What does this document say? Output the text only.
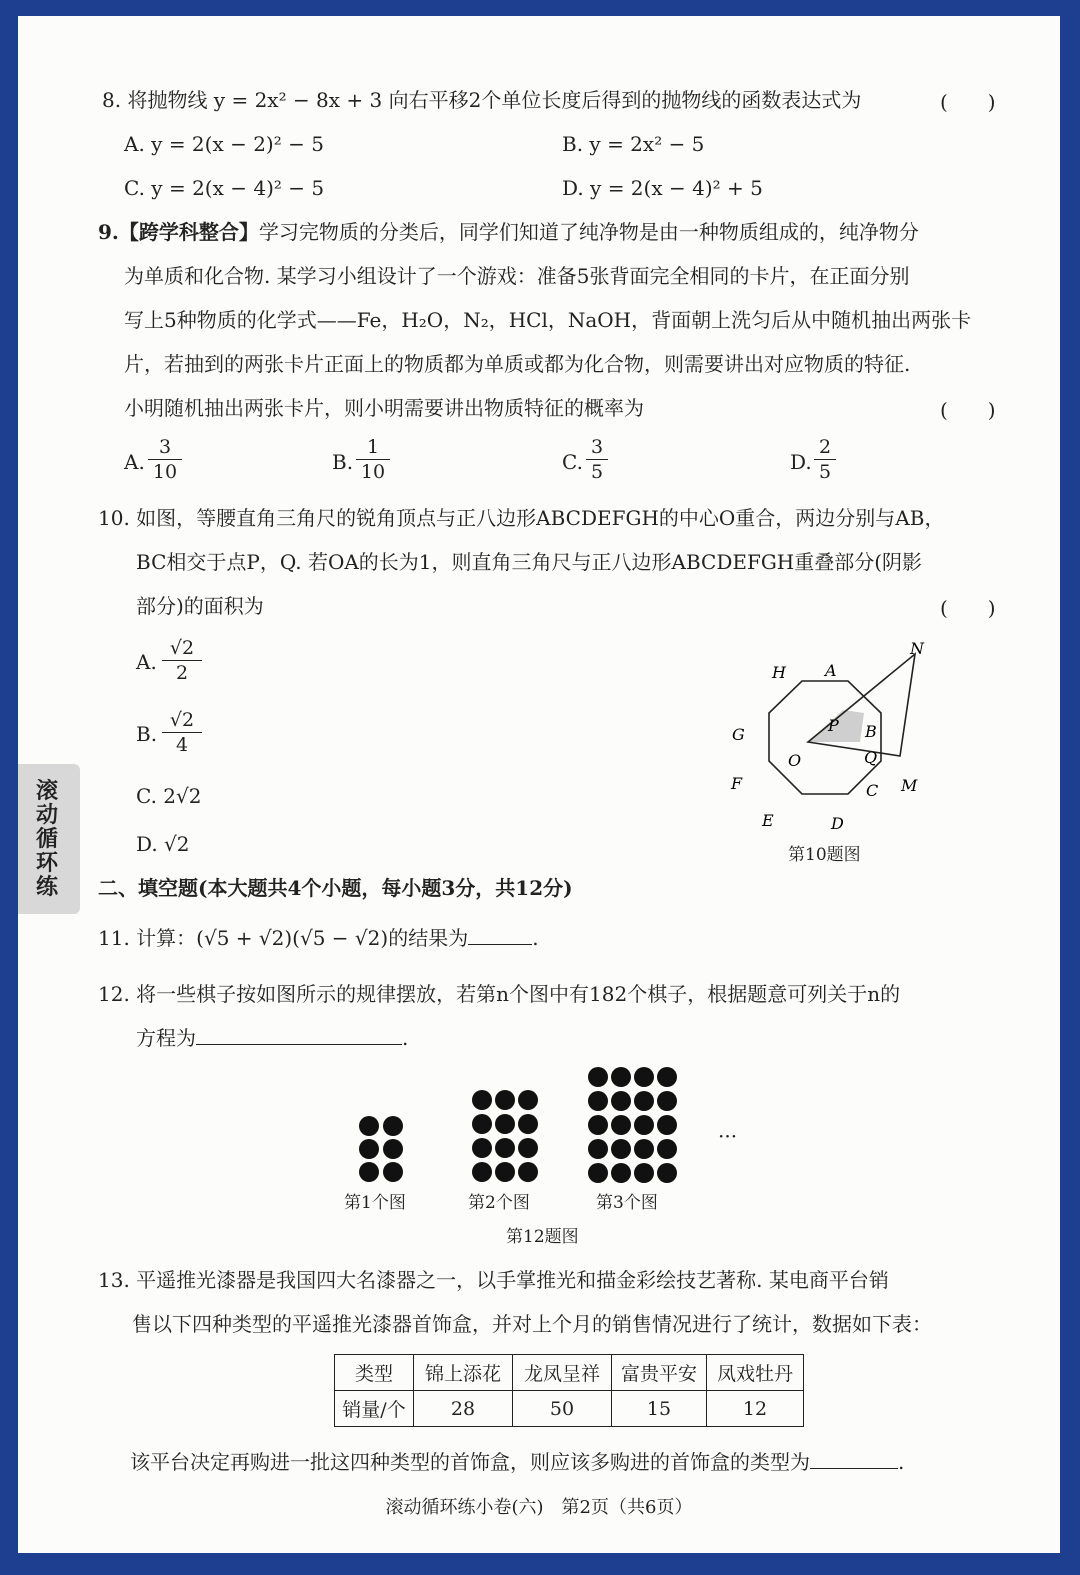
滚动循环练
8. 将抛物线 y = 2x² − 8x + 3 向右平移2个单位长度后得到的抛物线的函数表达式为	(　　)
A. y = 2(x − 2)² − 5	B. y = 2x² − 5
C. y = 2(x − 4)² − 5	D. y = 2(x − 4)² + 5
9.【跨学科整合】学习完物质的分类后，同学们知道了纯净物是由一种物质组成的，纯净物分
为单质和化合物. 某学习小组设计了一个游戏：准备5张背面完全相同的卡片，在正面分别
写上5种物质的化学式——Fe，H₂O，N₂，HCl，NaOH，背面朝上洗匀后从中随机抽出两张卡
片，若抽到的两张卡片正面上的物质都为单质或都为化合物，则需要讲出对应物质的特征.
小明随机抽出两张卡片，则小明需要讲出物质特征的概率为	(　　)
A. $\frac{3}{10}$	B. $\frac{1}{10}$	C. $\frac{3}{5}$	D. $\frac{2}{5}$
10. 如图，等腰直角三角尺的锐角顶点与正八边形ABCDEFGH的中心O重合，两边分别与AB，
BC相交于点P，Q. 若OA的长为1，则直角三角尺与正八边形ABCDEFGH重叠部分(阴影
部分)的面积为	(　　)
A. $\frac{√2}{2}$
B. $\frac{√2}{4}$
C. 2√2
D. √2
H A
N
G	P B
O	Q
F	C M
E	D
第10题图
二、填空题(本大题共4个小题，每小题3分，共12分)
11. 计算：(√5 + √2)(√5 − √2)的结果为	.
12. 将一些棋子按如图所示的规律摆放，若第n个图中有182个棋子，根据题意可列关于n的
方程为	.
···
第1个图	第2个图	第3个图
第12题图
13. 平遥推光漆器是我国四大名漆器之一，以手掌推光和描金彩绘技艺著称. 某电商平台销
售以下四种类型的平遥推光漆器首饰盒，并对上个月的销售情况进行了统计，数据如下表：
类型	锦上添花	龙凤呈祥	富贵平安	凤戏牡丹
销量/个	28	50	15	12
该平台决定再购进一批这四种类型的首饰盒，则应该多购进的首饰盒的类型为	.
滚动循环练小卷(六)　第2页（共6页）
